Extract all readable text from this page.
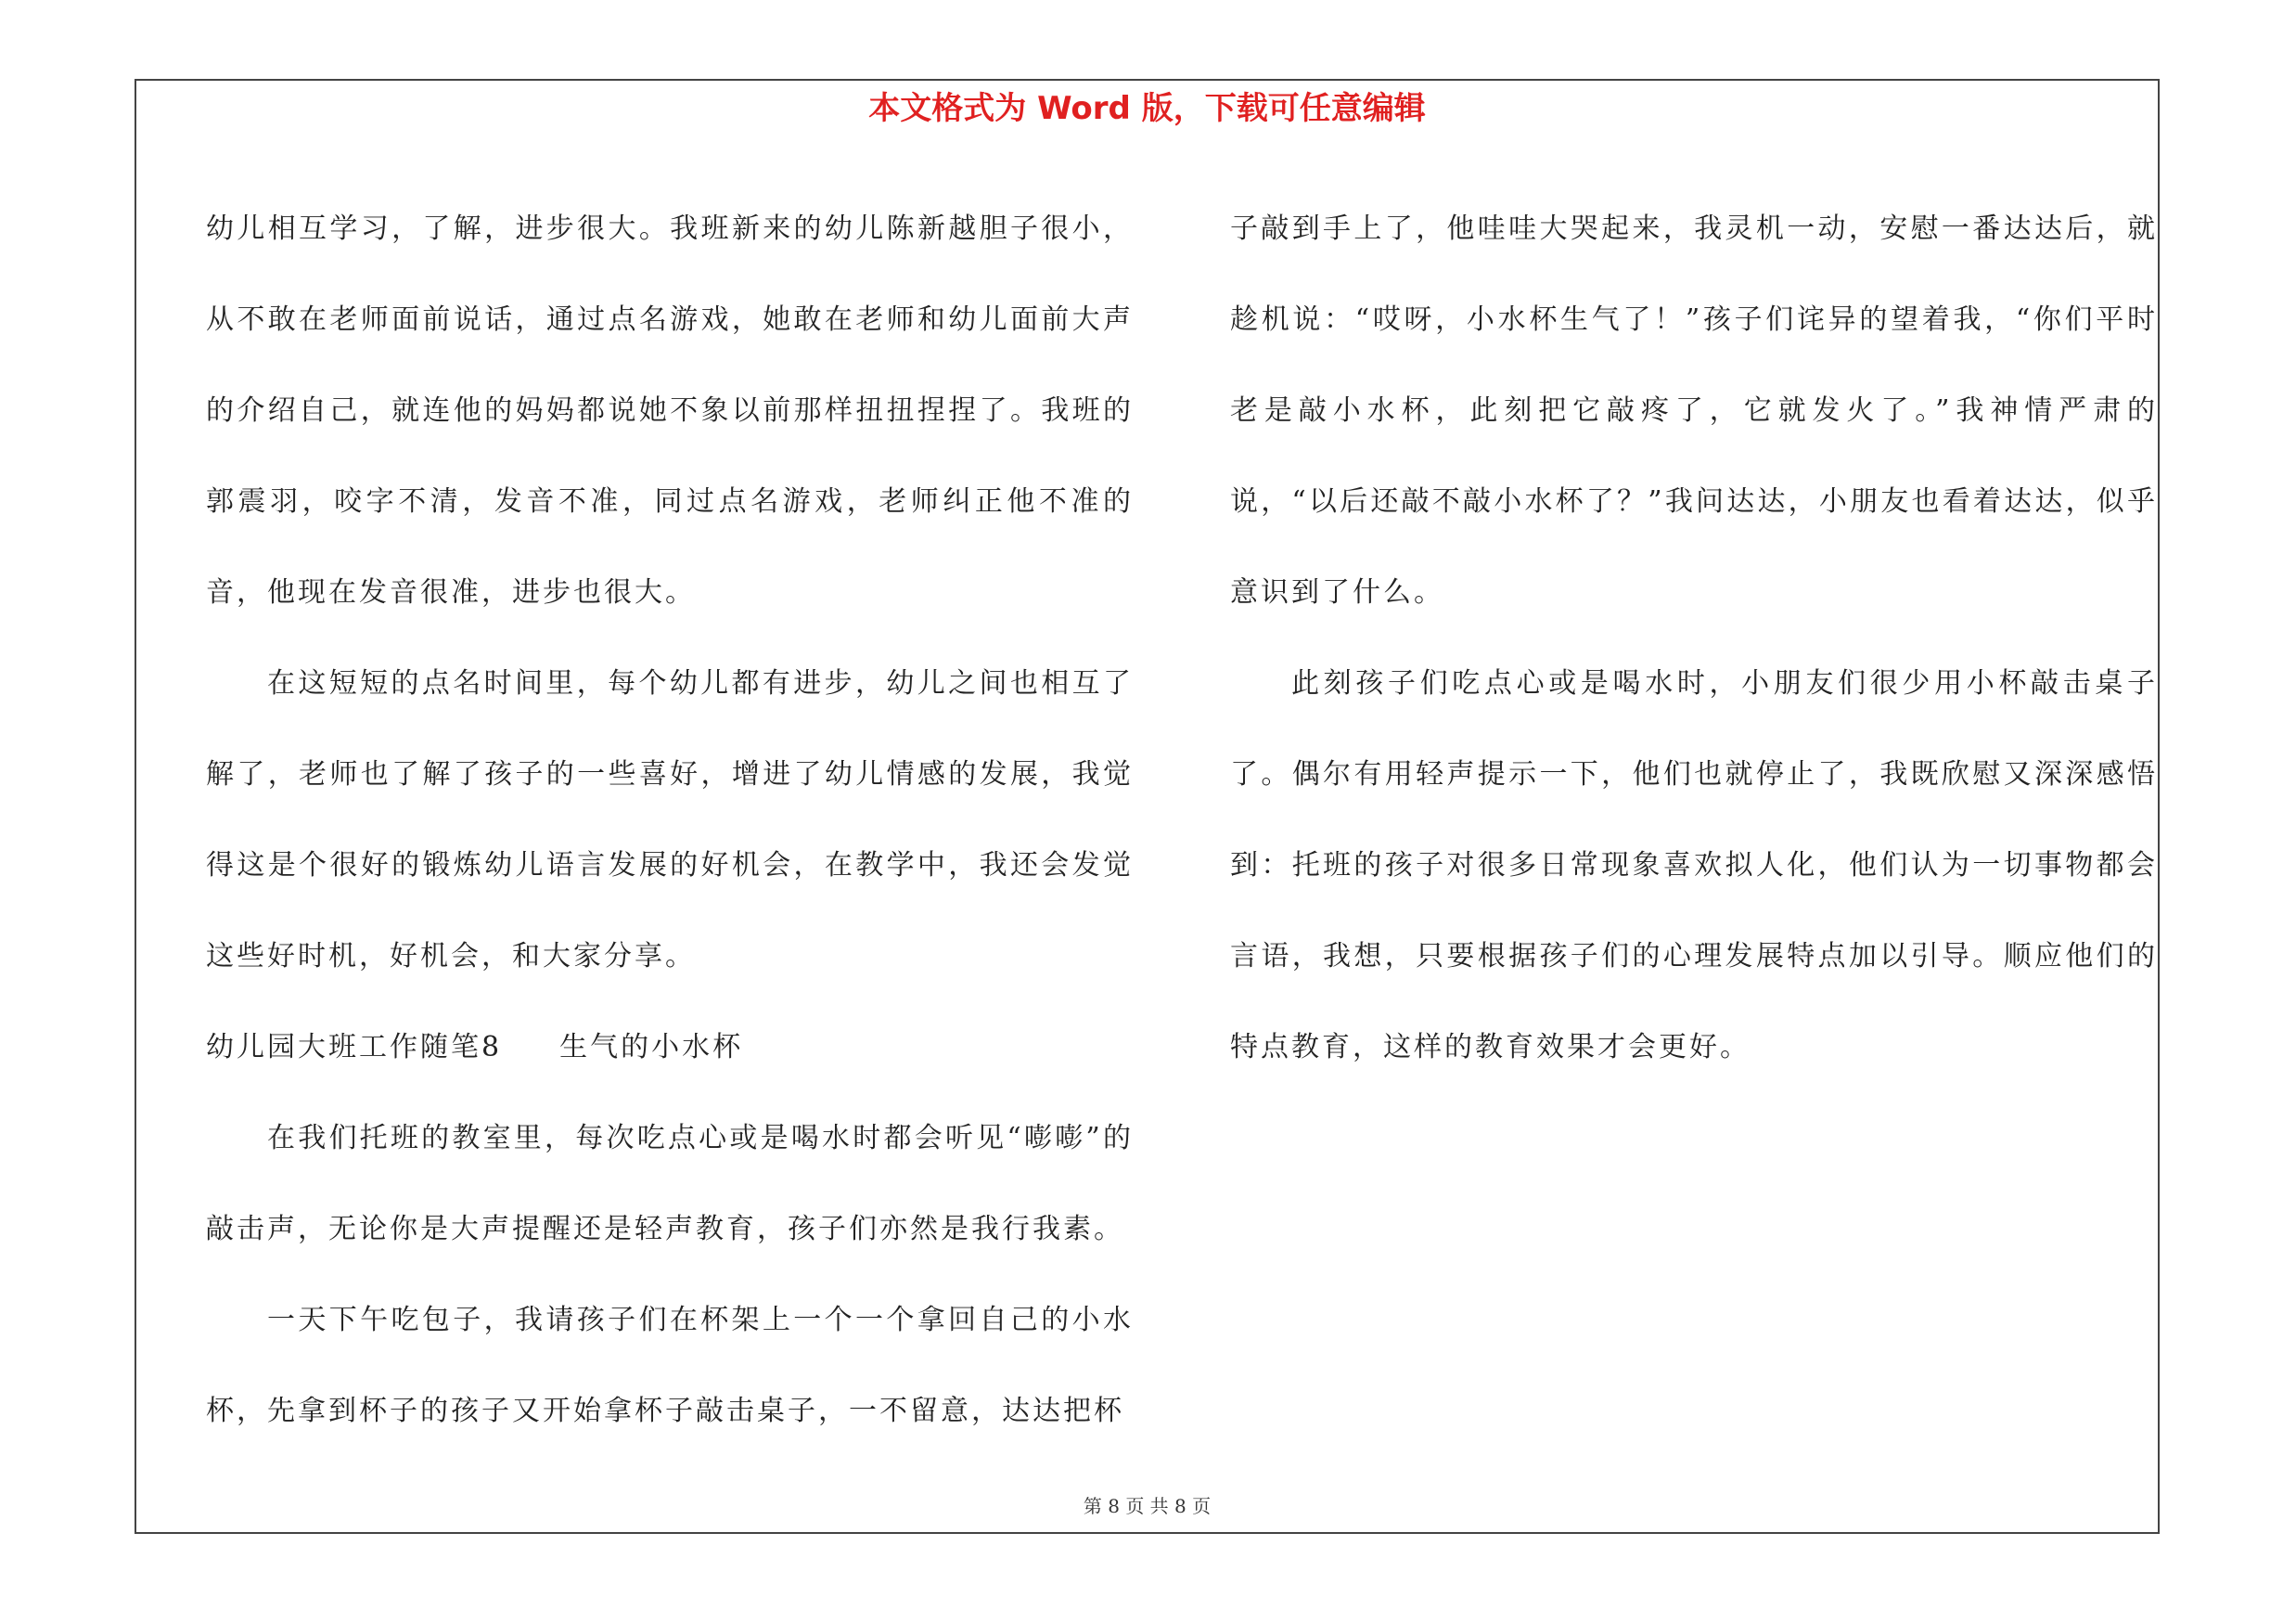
本文格式为 Word 版，下载可任意编辑

幼儿相互学习，了解，进步很大。我班新来的幼儿陈新越胆子很小，从不敢在老师面前说话，通过点名游戏，她敢在老师和幼儿面前大声的介绍自己，就连他的妈妈都说她不象以前那样扭扭捏捏了。我班的郭震羽，咬字不清，发音不准，同过点名游戏，老师纠正他不准的音，他现在发音很准，进步也很大。

在这短短的点名时间里，每个幼儿都有进步，幼儿之间也相互了解了，老师也了解了孩子的一些喜好，增进了幼儿情感的发展，我觉得这是个很好的锻炼幼儿语言发展的好机会，在教学中，我还会发觉这些好时机，好机会，和大家分享。

幼儿园大班工作随笔8 生气的小水杯

在我们托班的教室里，每次吃点心或是喝水时都会听见“嘭嘭”的敲击声，无论你是大声提醒还是轻声教育，孩子们亦然是我行我素。

一天下午吃包子，我请孩子们在杯架上一个一个拿回自己的小水杯，先拿到杯子的孩子又开始拿杯子敲击桌子，一不留意，达达把杯

子敲到手上了，他哇哇大哭起来，我灵机一动，安慰一番达达后，就趁机说：“哎呀，小水杯生气了！”孩子们诧异的望着我，“你们平时老是敲小水杯，此刻把它敲疼了，它就发火了。”我神情严肃的说，“以后还敲不敲小水杯了？”我问达达，小朋友也看着达达，似乎意识到了什么。

此刻孩子们吃点心或是喝水时，小朋友们很少用小杯敲击桌子了。偶尔有用轻声提示一下，他们也就停止了，我既欣慰又深深感悟到：托班的孩子对很多日常现象喜欢拟人化，他们认为一切事物都会言语，我想，只要根据孩子们的心理发展特点加以引导。顺应他们的特点教育，这样的教育效果才会更好。

第 8 页 共 8 页
